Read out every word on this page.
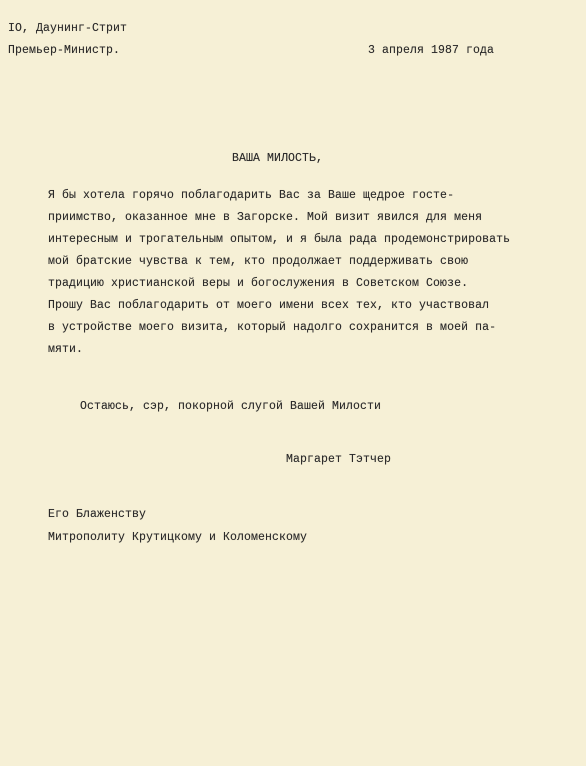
IO, Даунинг-Стрит
Премьер-Министр.	3 апреля 1987 года
ВАША МИЛОСТЬ,
Я бы хотела горячо поблагодарить Вас за Ваше щедрое госте-
приимство, оказанное мне в Загорске. Мой визит явился для меня
интересным и трогательным опытом, и я была рада продемонстрировать
мой братские чувства к тем, кто продолжает поддерживать свою
традицию христианской веры и богослужения в Советском Союзе.
Прошу Вас поблагодарить от моего имени всех тех, кто участвовал
в устройстве моего визита, который надолго сохранится в моей па-
мяти.
Остаюсь, сэр, покорной слугой Вашей Милости
Маргарет Тэтчер
Его Блаженству
Митрополиту Крутицкому и Коломенскому
